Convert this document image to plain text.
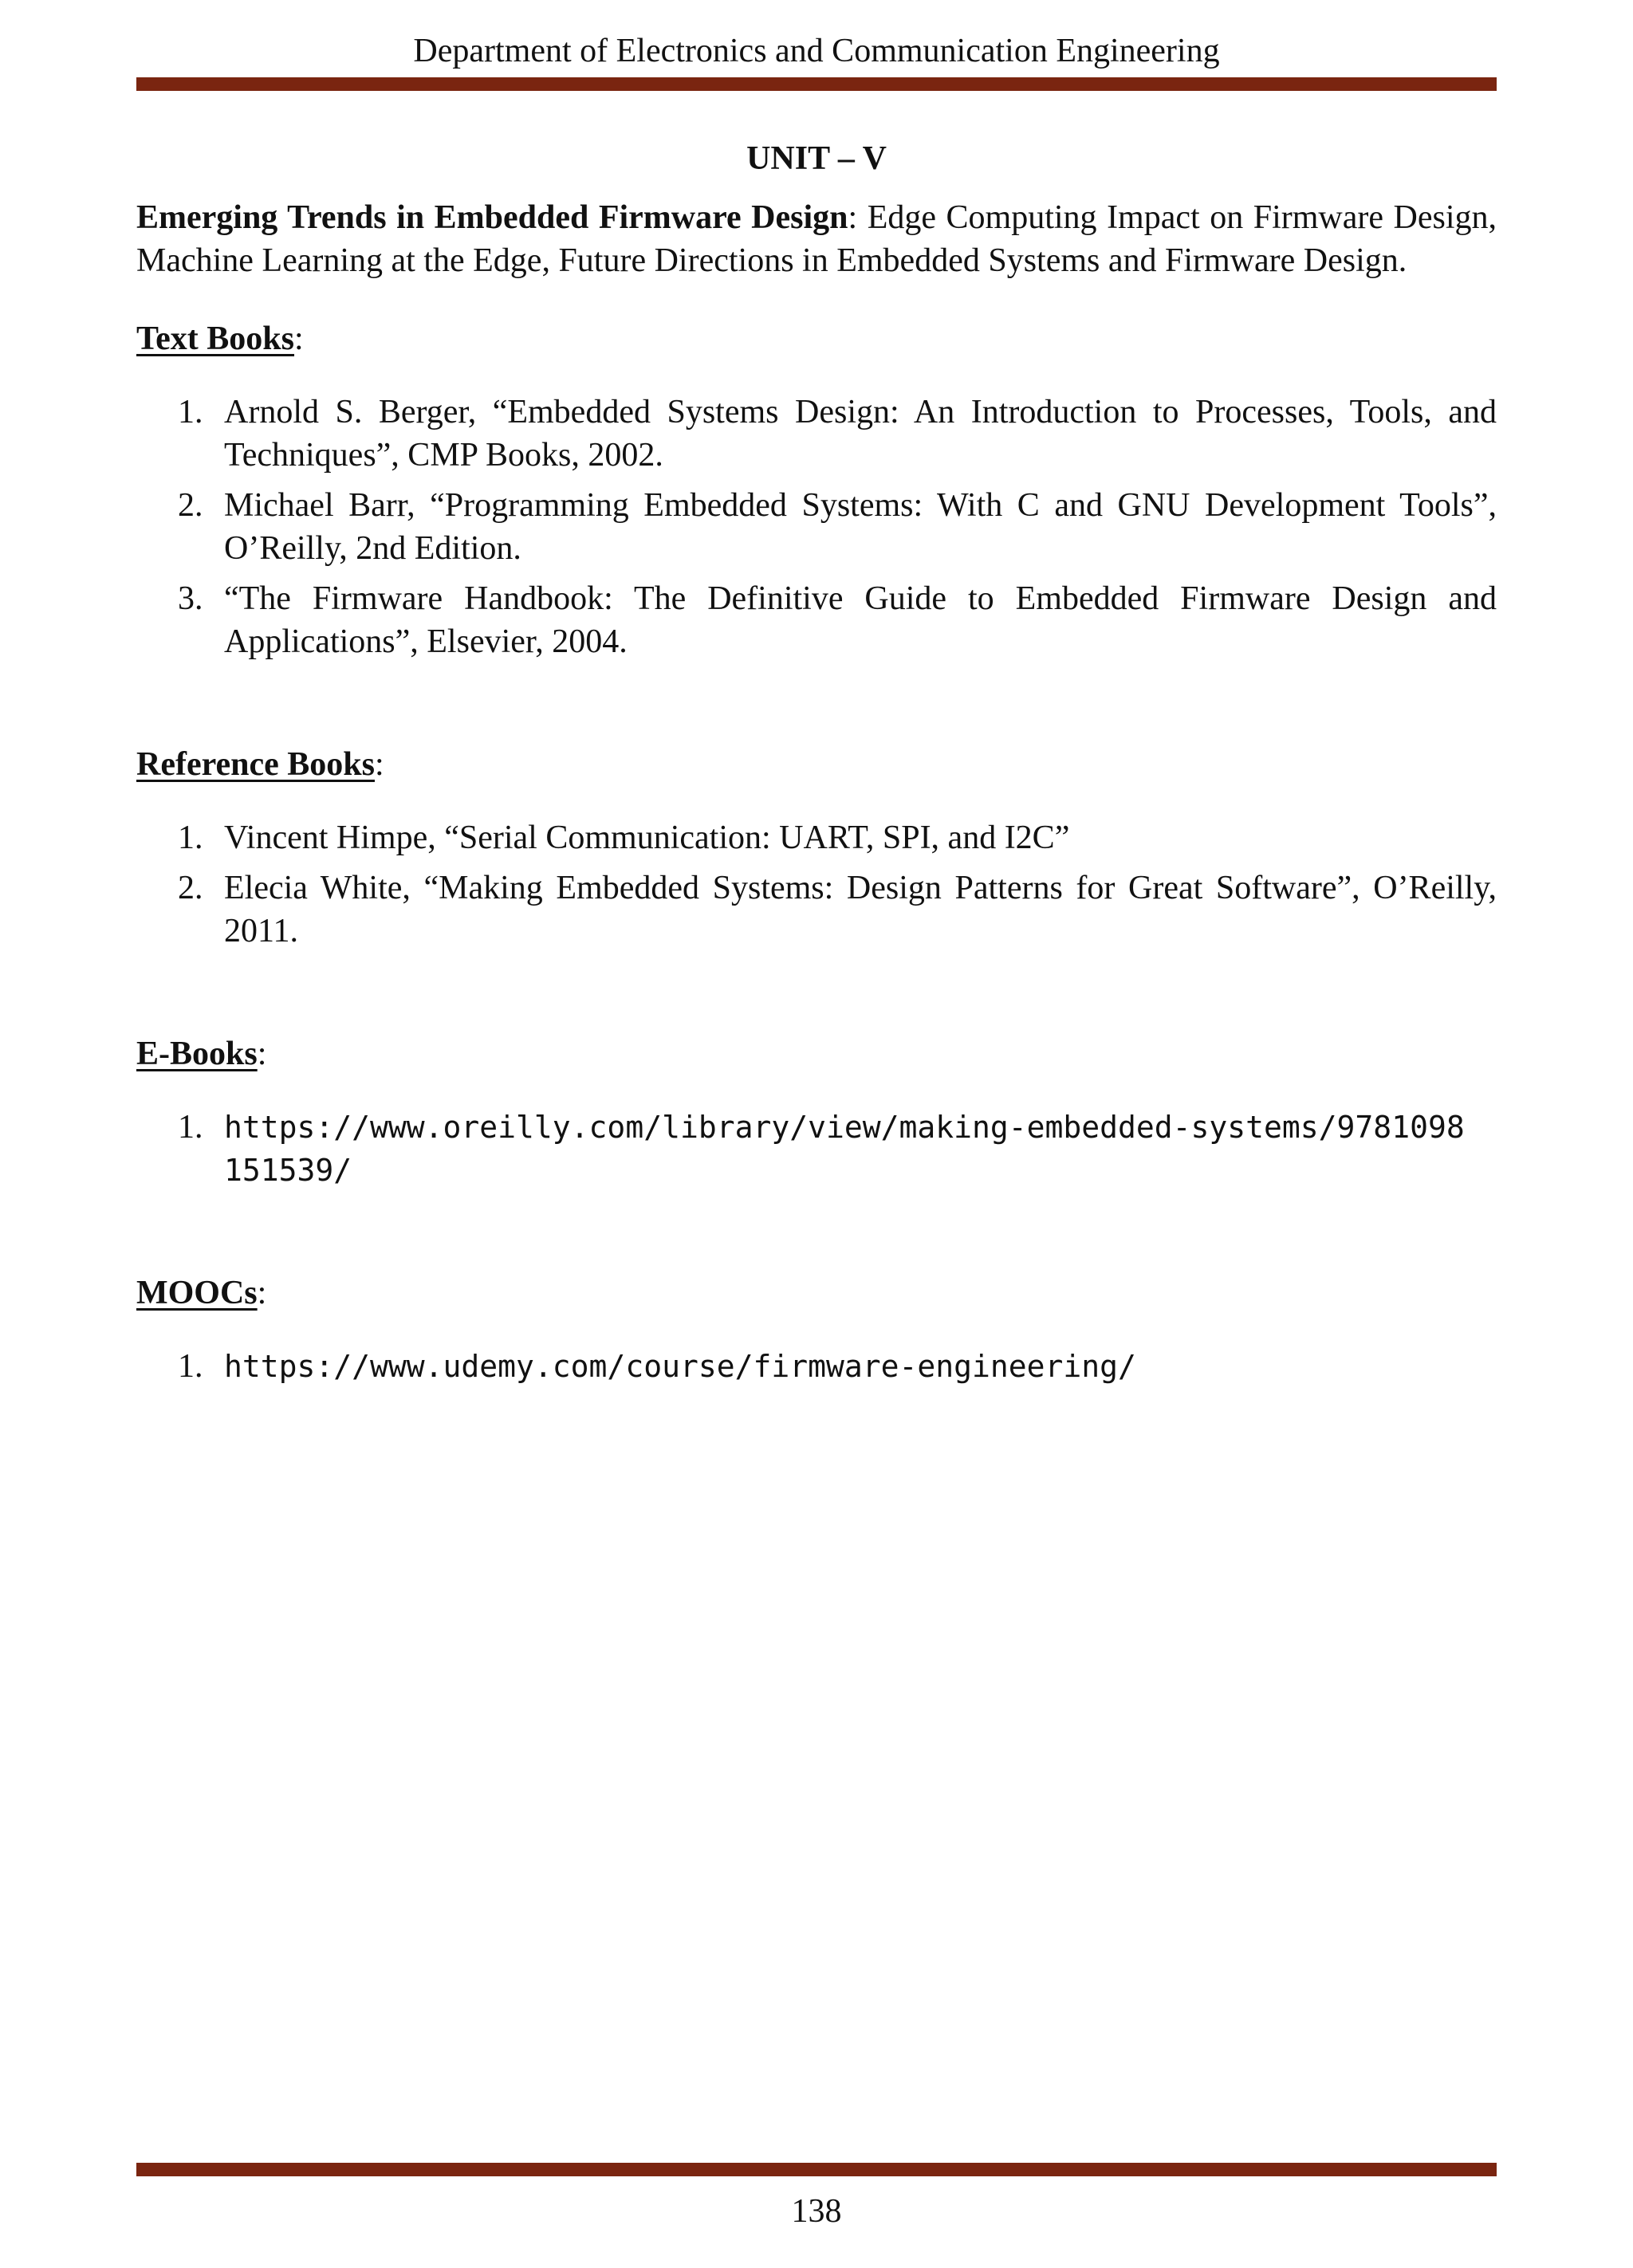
Department of Electronics and Communication Engineering
UNIT – V

Emerging Trends in Embedded Firmware Design: Edge Computing Impact on Firmware Design, Machine Learning at the Edge, Future Directions in Embedded Systems and Firmware Design.

Text Books:
1. Arnold S. Berger, “Embedded Systems Design: An Introduction to Processes, Tools, and Techniques”, CMP Books, 2002.
2. Michael Barr, “Programming Embedded Systems: With C and GNU Development Tools”, O’Reilly, 2nd Edition.
3. “The Firmware Handbook: The Definitive Guide to Embedded Firmware Design and Applications”, Elsevier, 2004.
Reference Books:
1. Vincent Himpe, “Serial Communication: UART, SPI, and I2C”
2. Elecia White, “Making Embedded Systems: Design Patterns for Great Software”, O’Reilly, 2011.
E-Books:
1. https://www.oreilly.com/library/view/making-embedded-systems/9781098
151539/
MOOCs:
1. https://www.udemy.com/course/firmware-engineering/
138
